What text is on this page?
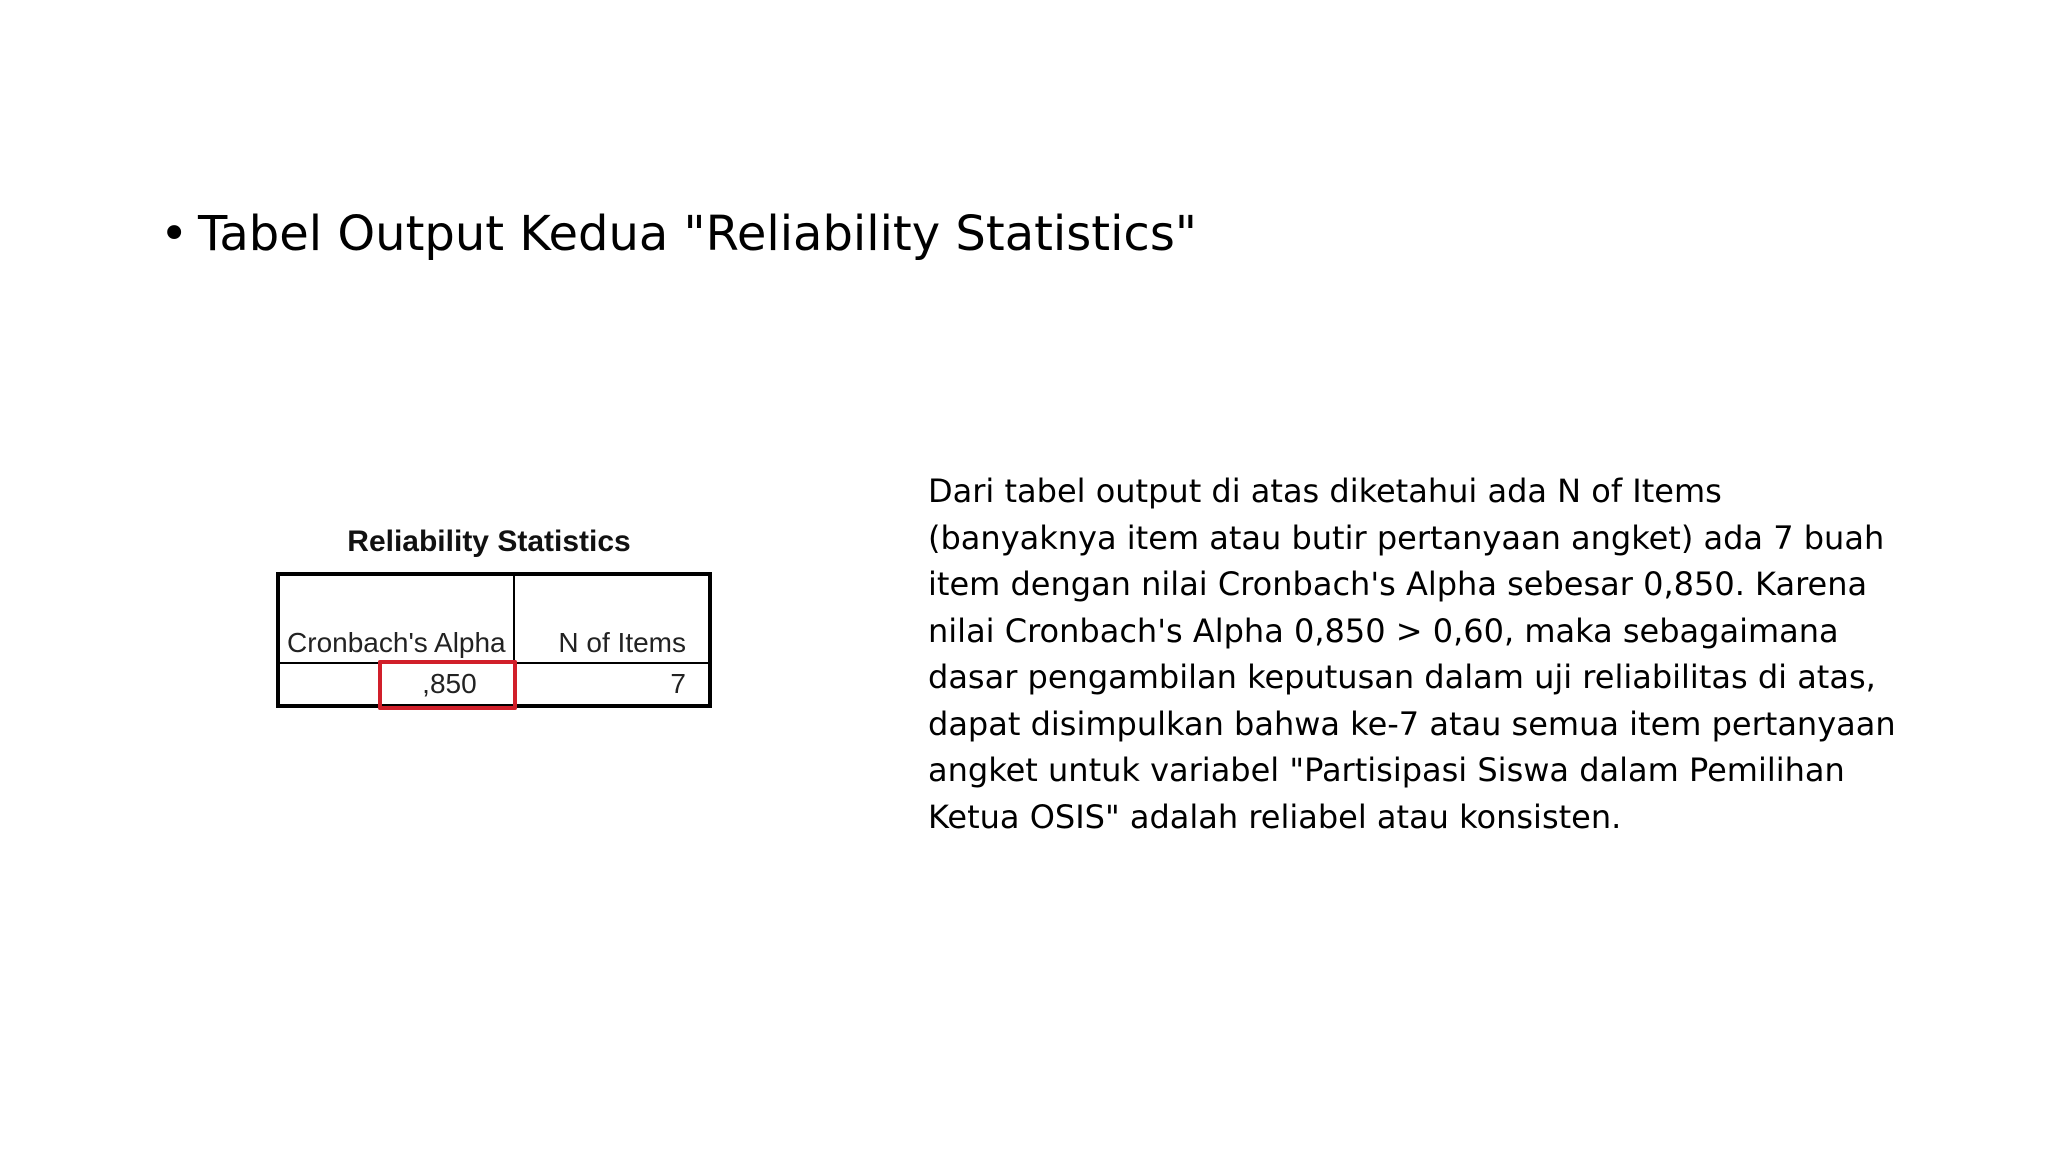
• Tabel Output Kedua "Reliability Statistics"
Reliability Statistics
Cronbach's Alpha	N of Items
,850	7
Dari tabel output di atas diketahui ada N of Items
(banyaknya item atau butir pertanyaan angket) ada 7 buah
item dengan nilai Cronbach's Alpha sebesar 0,850. Karena
nilai Cronbach's Alpha 0,850 > 0,60, maka sebagaimana
dasar pengambilan keputusan dalam uji reliabilitas di atas,
dapat disimpulkan bahwa ke-7 atau semua item pertanyaan
angket untuk variabel "Partisipasi Siswa dalam Pemilihan
Ketua OSIS" adalah reliabel atau konsisten.
